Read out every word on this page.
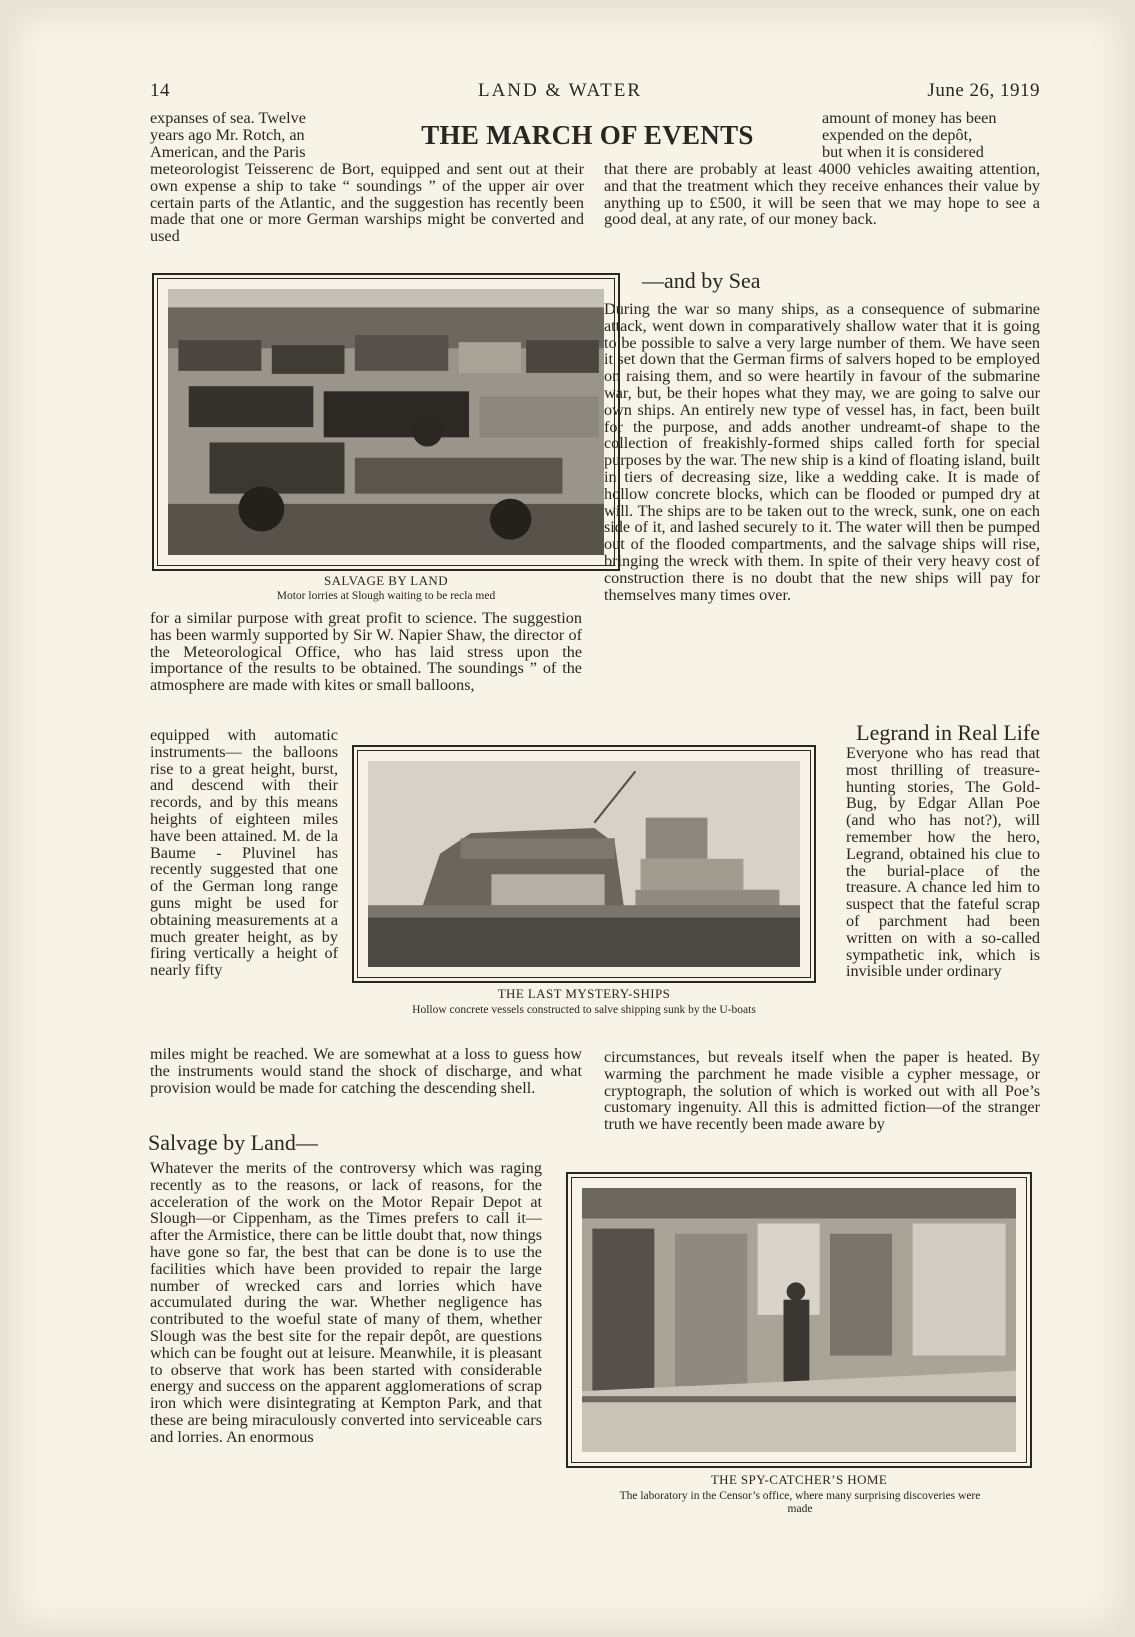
14	LAND & WATER	June 26, 1919
THE MARCH OF EVENTS

expanses of sea. Twelve

years ago Mr. Rotch, an

American, and the Paris

meteorologist Teisserenc de Bort, equipped and sent out at their own expense a ship to take “ soundings ” of the upper air over certain parts of the Atlantic, and the suggestion has recently been made that one or more German warships might be converted and used

amount of money has been

expended on the depôt,

but when it is considered

that there are probably at least 4000 vehicles awaiting attention, and that the treatment which they receive enhances their value by anything up to £500, it will be seen that we may hope to see a good deal, at any rate, of our money back.
SALVAGE BY LAND
Motor lorries at Slough waiting to be recla med
for a similar purpose with great profit to science. The suggestion has been warmly supported by Sir W. Napier Shaw, the director of the Meteorological Office, who has laid stress upon the importance of the results to be obtained. The soundings ” of the atmosphere are made with kites or small balloons,
equipped with automatic instruments— the balloons rise to a great height, burst, and descend with their records, and by this means heights of eighteen miles have been attained. M. de la Baume - Pluvinel has recently suggested that one of the German long range guns might be used for obtaining measurements at a much greater height, as by firing vertically a height of nearly fifty
THE LAST MYSTERY-SHIPS
Hollow concrete vessels constructed to salve shipping sunk by the U-boats
miles might be reached. We are somewhat at a loss to guess how the instruments would stand the shock of discharge, and what provision would be made for catching the descending shell.
Salvage by Land—
Whatever the merits of the controversy which was raging recently as to the reasons, or lack of reasons, for the acceleration of the work on the Motor Repair Depot at Slough—or Cippenham, as the Times prefers to call it—after the Armistice, there can be little doubt that, now things have gone so far, the best that can be done is to use the facilities which have been provided to repair the large number of wrecked cars and lorries which have accumulated during the war. Whether negligence has contributed to the woeful state of many of them, whether Slough was the best site for the repair depôt, are questions which can be fought out at leisure. Meanwhile, it is pleasant to observe that work has been started with considerable energy and success on the apparent agglomerations of scrap iron which were disintegrating at Kempton Park, and that these are being miraculously converted into serviceable cars and lorries. An enormous
—and by Sea
During the war so many ships, as a consequence of submarine attack, went down in comparatively shallow water that it is going to be possible to salve a very large number of them. We have seen it set down that the German firms of salvers hoped to be employed on raising them, and so were heartily in favour of the submarine war, but, be their hopes what they may, we are going to salve our own ships. An entirely new type of vessel has, in fact, been built for the purpose, and adds another undreamt-of shape to the collection of freakishly-formed ships called forth for special purposes by the war. The new ship is a kind of floating island, built in tiers of decreasing size, like a wedding cake. It is made of hollow concrete blocks, which can be flooded or pumped dry at will. The ships are to be taken out to the wreck, sunk, one on each side of it, and lashed securely to it. The water will then be pumped out of the flooded compartments, and the salvage ships will rise, bringing the wreck with them. In spite of their very heavy cost of construction there is no doubt that the new ships will pay for themselves many times over.
Legrand in Real Life
Everyone who has read that most thrilling of treasure-hunting stories, The Gold-Bug, by Edgar Allan Poe (and who has not?), will remember how the hero, Legrand, obtained his clue to the burial-place of the treasure. A chance led him to suspect that the fateful scrap of parchment had been written on with a so-called sympathetic ink, which is invisible under ordinary
circumstances, but reveals itself when the paper is heated. By warming the parchment he made visible a cypher message, or cryptograph, the solution of which is worked out with all Poe’s customary ingenuity. All this is admitted fiction—of the stranger truth we have recently been made aware by
THE SPY-CATCHER’S HOME
The laboratory in the Censor’s office, where many surprising discoveries were made
